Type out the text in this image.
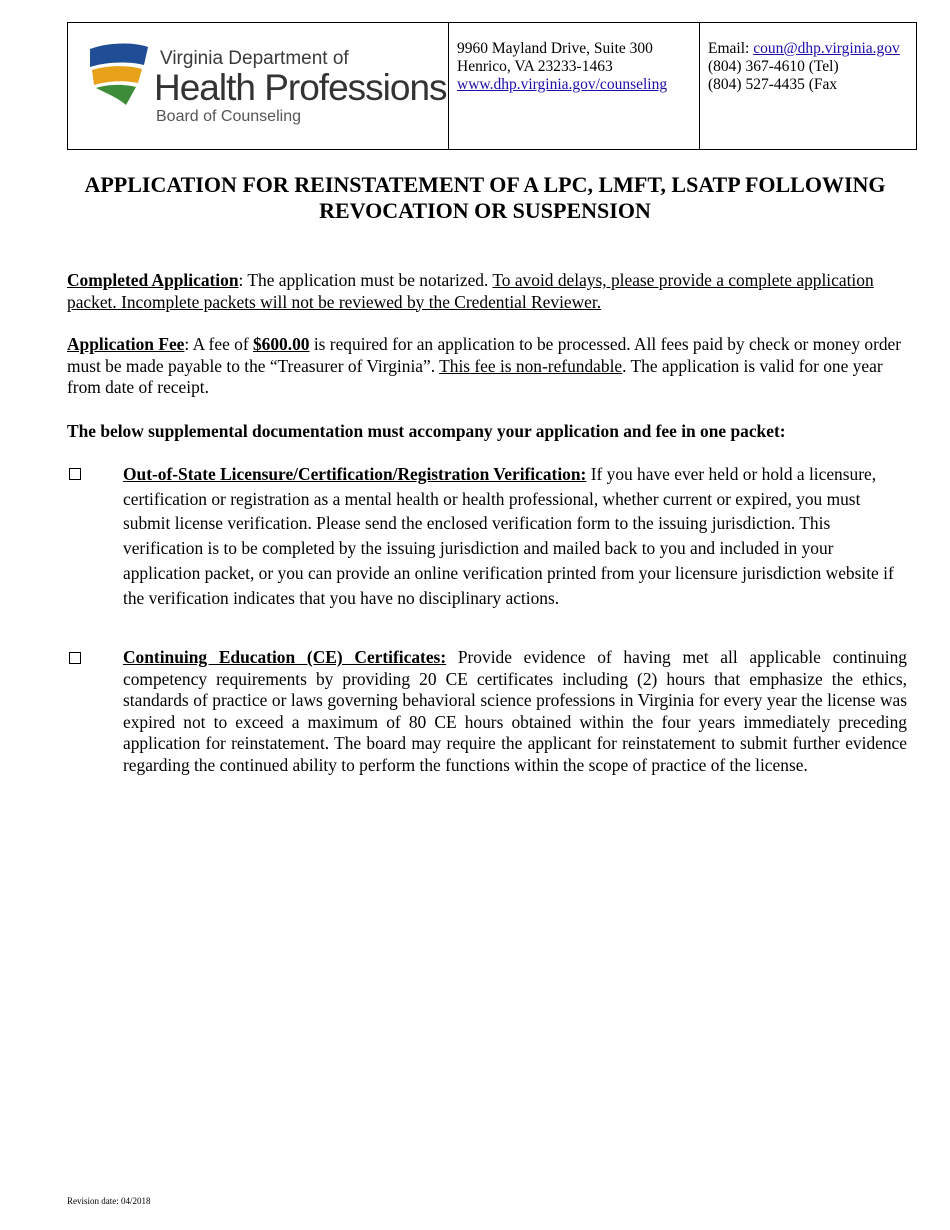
Virginia Department of
Health Professions
Board of Counseling

9960 Mayland Drive, Suite 300
Henrico, VA 23233-1463
www.dhp.virginia.gov/counseling

Email: coun@dhp.virginia.gov
(804) 367-4610 (Tel)
(804) 527-4435 (Fax
APPLICATION FOR REINSTATEMENT OF A LPC, LMFT, LSATP FOLLOWING
REVOCATION OR SUSPENSION
Completed Application: The application must be notarized. To avoid delays, please provide a complete application packet. Incomplete packets will not be reviewed by the Credential Reviewer.
Application Fee: A fee of $600.00 is required for an application to be processed. All fees paid by check or money order must be made payable to the “Treasurer of Virginia”. This fee is non-refundable. The application is valid for one year from date of receipt.
The below supplemental documentation must accompany your application and fee in one packet:
Out-of-State Licensure/Certification/Registration Verification: If you have ever held or hold a licensure, certification or registration as a mental health or health professional, whether current or expired, you must submit license verification. Please send the enclosed verification form to the issuing jurisdiction. This verification is to be completed by the issuing jurisdiction and mailed back to you and included in your application packet, or you can provide an online verification printed from your licensure jurisdiction website if the verification indicates that you have no disciplinary actions.
Continuing Education (CE) Certificates: Provide evidence of having met all applicable continuing competency requirements by providing 20 CE certificates including (2) hours that emphasize the ethics, standards of practice or laws governing behavioral science professions in Virginia for every year the license was expired not to exceed a maximum of 80 CE hours obtained within the four years immediately preceding application for reinstatement. The board may require the applicant for reinstatement to submit further evidence regarding the continued ability to perform the functions within the scope of practice of the license.
Revision date: 04/2018
